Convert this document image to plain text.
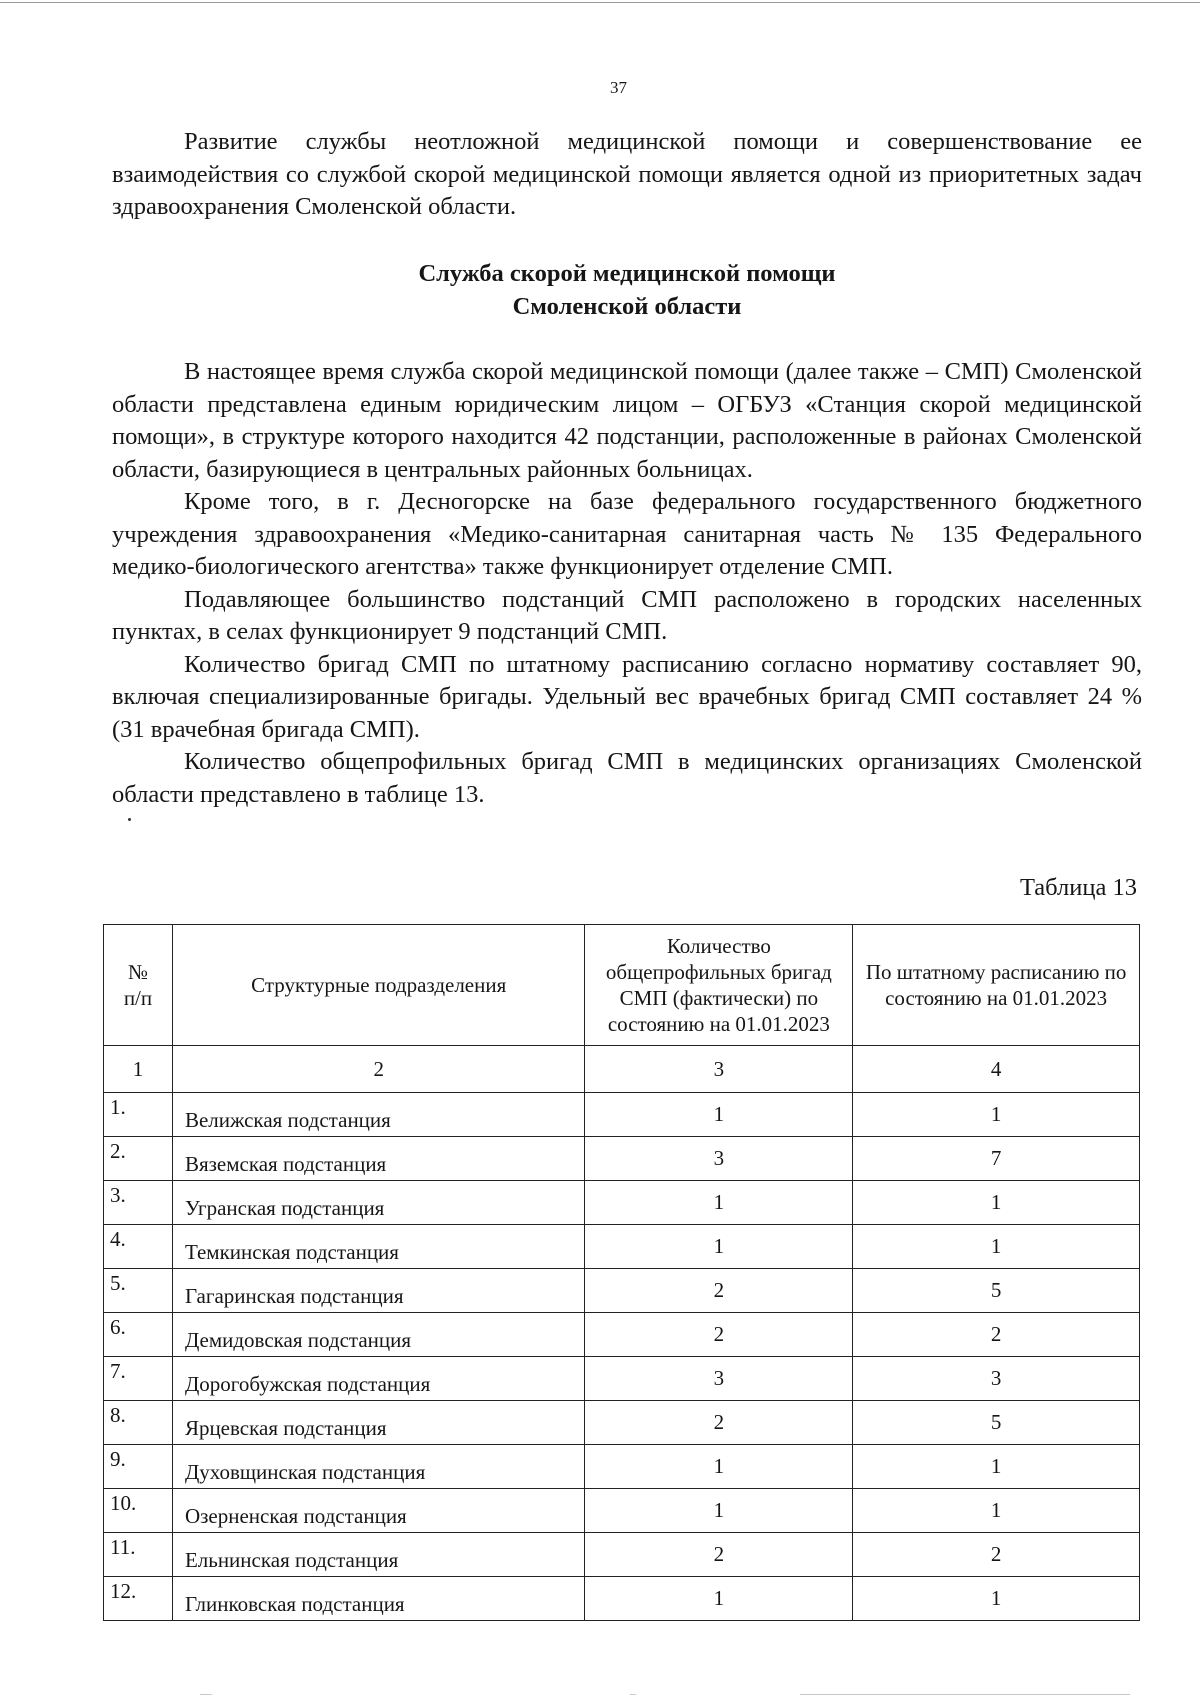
37

Развитие службы неотложной медицинской помощи и совершенствование ее взаимодействия со службой скорой медицинской помощи является одной из приоритетных задач здравоохранения Смоленской области.

Служба скорой медицинской помощи
Смоленской области

В настоящее время служба скорой медицинской помощи (далее также – СМП) Смоленской области представлена единым юридическим лицом – ОГБУЗ «Станция скорой медицинской помощи», в структуре которого находится 42 подстанции, расположенные в районах Смоленской области, базирующиеся в центральных районных больницах.

Кроме того, в г. Десногорске на базе федерального государственного бюджетного учреждения здравоохранения «Медико-санитарная санитарная часть № 135 Федерального медико-биологического агентства» также функционирует отделение СМП.

Подавляющее большинство подстанций СМП расположено в городских населенных пунктах, в селах функционирует 9 подстанций СМП.

Количество бригад СМП по штатному расписанию согласно нормативу составляет 90, включая специализированные бригады. Удельный вес врачебных бригад СМП составляет 24 % (31 врачебная бригада СМП).

Количество общепрофильных бригад СМП в медицинских организациях Смоленской области представлено в таблице 13.

Таблица 13
№
п/п	Структурные подразделения	Количество общепрофильных бригад СМП (фактически) по состоянию на 01.01.2023	По штатному расписанию по состоянию на 01.01.2023
1	2	3	4
1.	Велижская подстанция	1	1
2.	Вяземская подстанция	3	7
3.	Угранская подстанция	1	1
4.	Темкинская подстанция	1	1
5.	Гагаринская подстанция	2	5
6.	Демидовская подстанция	2	2
7.	Дорогобужская подстанция	3	3
8.	Ярцевская подстанция	2	5
9.	Духовщинская подстанция	1	1
10.	Озерненская подстанция	1	1
11.	Ельнинская подстанция	2	2
12.	Глинковская подстанция	1	1
